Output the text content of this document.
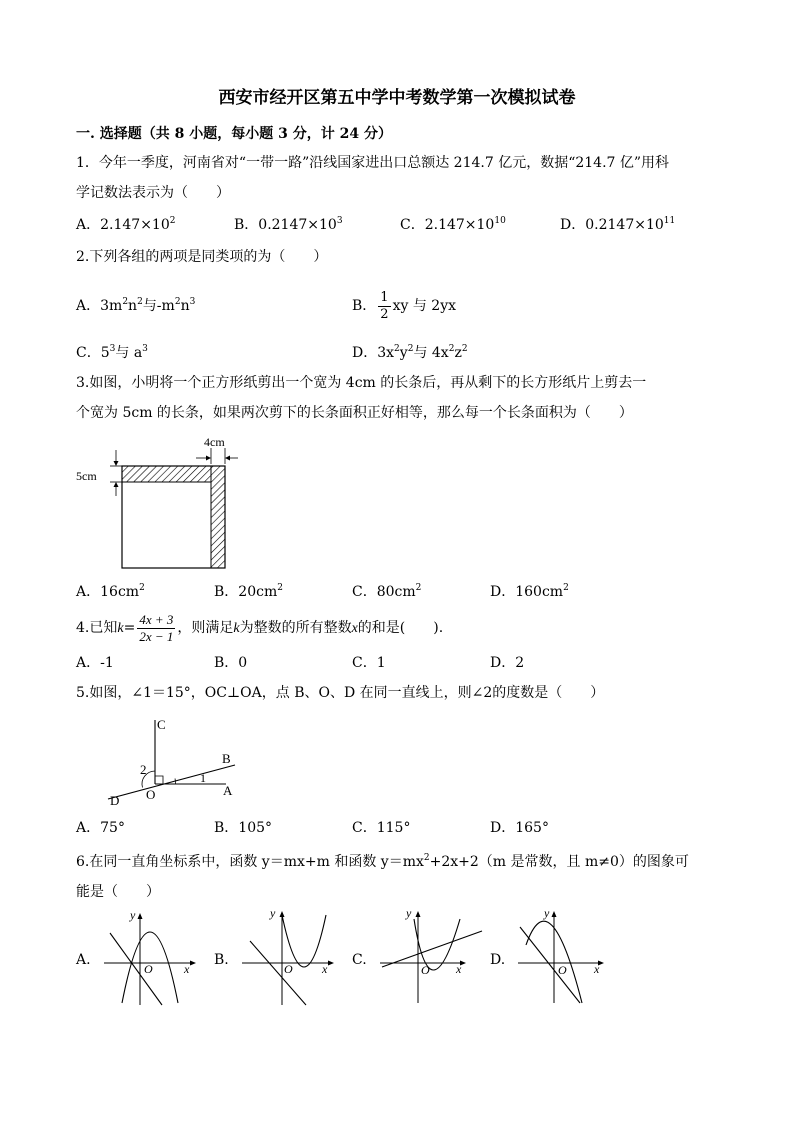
西安市经开区第五中学中考数学第一次模拟试卷
一. 选择题（共 8 小题，每小题 3 分，计 24 分）
1．今年一季度，河南省对“一带一路”沿线国家进出口总额达 214.7 亿元，数据“214.7 亿”用科
学记数法表示为（　　）
A．$2.147\times 10^2$	B．$0.2147\times 10^3$	C．$2.147\times 10^{10}$	D．$0.2147\times 10^{11}$
2.下列各组的两项是同类项的为（　　）
A．$3m^2n^2$与$-m^2n^3$	B． $\frac{1}{2}$ xy 与 2yx
C．$5^3$与 $a^3$	D．$3x^2y^2$与 $4x^2z^2$
3.如图，小明将一个正方形纸剪出一个宽为 4cm 的长条后，再从剩下的长方形纸片上剪去一
个宽为 5cm 的长条，如果两次剪下的长条面积正好相等，那么每一个长条面积为（　　）
4cm
5cm
A．$16cm^2$	B．$20cm^2$	C．$80cm^2$	D．$160cm^2$
4.已知$k= \frac{4x + 3}{2x - 1}$ ，则满足k为整数的所有整数x的和是(　　).
A．-1	B．0	C．1	D．2
5.如图，∠1＝15°，OC⊥OA，点 B、O、D 在同一直线上，则∠2的度数是（　　）
C
B
A
O
D
1
2
A．75°	B．105°	C．115°	D．165°
6.在同一直角坐标系中，函数 y＝mx+m 和函数 $y=mx^2+2x+2(m$ 是常数，且 m≠0）的图象可
能是（　　）
A.	B.	C.	D.
y
x
O
y
x
O
y
x
O
y
x
O
